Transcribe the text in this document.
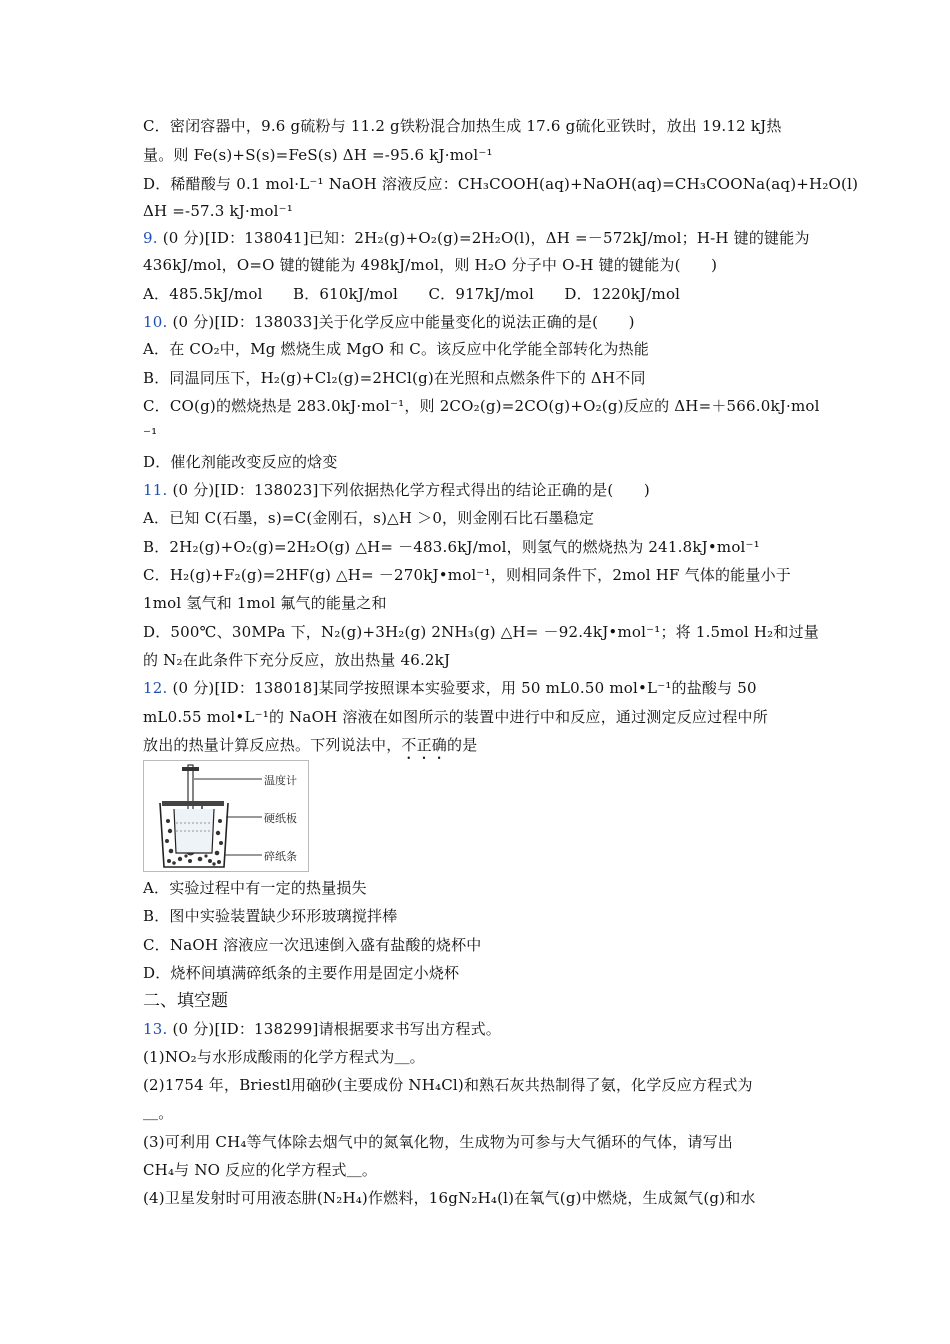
C．密闭容器中，9.6 g硫粉与 11.2 g铁粉混合加热生成 17.6 g硫化亚铁时，放出 19.12 kJ热
量。则 Fe(s)+S(s)=FeS(s) ΔH =-95.6 kJ·mol⁻¹
D．稀醋酸与 0.1 mol·L⁻¹ NaOH 溶液反应：CH₃COOH(aq)+NaOH(aq)=CH₃COONa(aq)+H₂O(l)
ΔH =-57.3 kJ·mol⁻¹
9. (0 分)[ID：138041]已知：2H₂(g)+O₂(g)=2H₂O(l)，ΔH =－572kJ/mol；H-H 键的键能为
436kJ/mol，O=O 键的键能为 498kJ/mol，则 H₂O 分子中 O-H 键的键能为(　　)
A．485.5kJ/mol　　B．610kJ/mol　　C．917kJ/mol　　D．1220kJ/mol
10. (0 分)[ID：138033]关于化学反应中能量变化的说法正确的是(　　)
A．在 CO₂中，Mg 燃烧生成 MgO 和 C。该反应中化学能全部转化为热能
B．同温同压下，H₂(g)+Cl₂(g)=2HCl(g)在光照和点燃条件下的 ΔH不同
C．CO(g)的燃烧热是 283.0kJ·mol⁻¹，则 2CO₂(g)=2CO(g)+O₂(g)反应的 ΔH=＋566.0kJ·mol
⁻¹
D．催化剂能改变反应的焓变
11. (0 分)[ID：138023]下列依据热化学方程式得出的结论正确的是(　　)
A．已知 C(石墨，s)=C(金刚石，s)△H ＞0，则金刚石比石墨稳定
B．2H₂(g)+O₂(g)=2H₂O(g) △H= －483.6kJ/mol，则氢气的燃烧热为 241.8kJ•mol⁻¹
C．H₂(g)+F₂(g)=2HF(g) △H= －270kJ•mol⁻¹，则相同条件下，2mol HF 气体的能量小于
1mol 氢气和 1mol 氟气的能量之和
D．500℃、30MPa 下，N₂(g)+3H₂(g) 2NH₃(g) △H= －92.4kJ•mol⁻¹；将 1.5mol H₂和过量
的 N₂在此条件下充分反应，放出热量 46.2kJ
12. (0 分)[ID：138018]某同学按照课本实验要求，用 50 mL0.50 mol•L⁻¹的盐酸与 50
mL0.55 mol•L⁻¹的 NaOH 溶液在如图所示的装置中进行中和反应，通过测定反应过程中所
放出的热量计算反应热。下列说法中，不正确的是
A．实验过程中有一定的热量损失
B．图中实验装置缺少环形玻璃搅拌棒
C．NaOH 溶液应一次迅速倒入盛有盐酸的烧杯中
D．烧杯间填满碎纸条的主要作用是固定小烧杯
13. (0 分)[ID：138299]请根据要求书写出方程式。
(1)NO₂与水形成酸雨的化学方程式为＿。
(2)1754 年，Briestl用硇砂(主要成份 NH₄Cl)和熟石灰共热制得了氨，化学反应方程式为
＿。
(3)可利用 CH₄等气体除去烟气中的氮氧化物，生成物为可参与大气循环的气体，请写出
CH₄与 NO 反应的化学方程式＿。
(4)卫星发射时可用液态肼(N₂H₄)作燃料，16gN₂H₄(l)在氧气(g)中燃烧，生成氮气(g)和水
二、填空题
温度计
硬纸板
碎纸条
